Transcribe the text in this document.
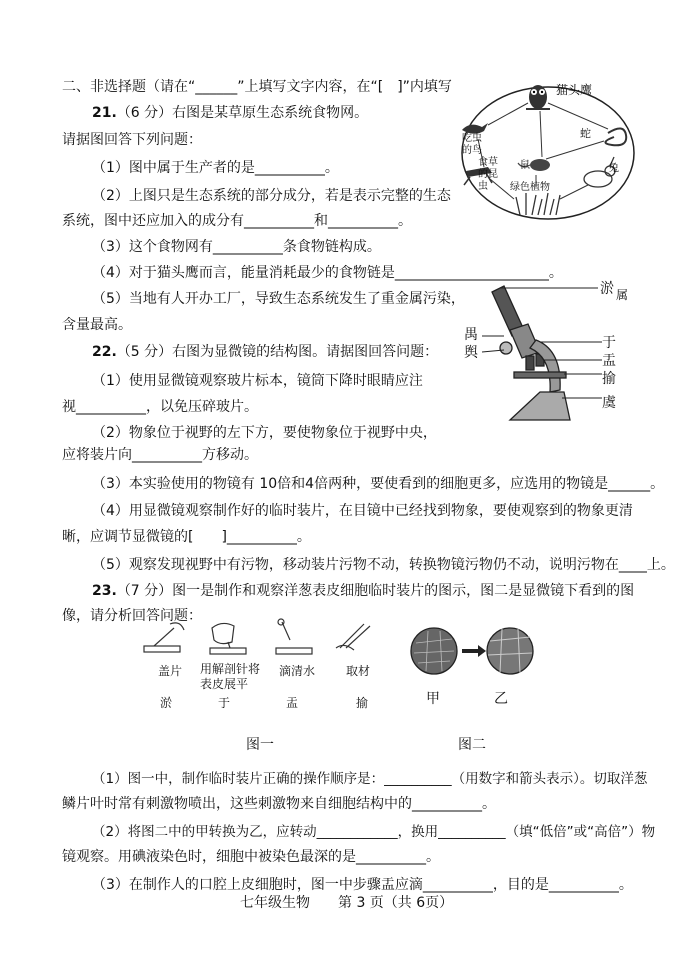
二、非选择题（请在“______”上填写文字内容，在“[　]”内填写
21.（6 分）右图是某草原生态系统食物网。
请据图回答下列问题：
（1）图中属于生产者的是__________。
（2）上图只是生态系统的部分成分，若是表示完整的生态
系统，图中还应加入的成分有__________和__________。
（3）这个食物网有__________条食物链构成。
（4）对于猫头鹰而言，能量消耗最少的食物链是______________________。
（5）当地有人开办工厂，导致生态系统发生了重金属污染，
含量最高。
猫头鹰
吃虫的鸟
蛇
食草的昆虫
鼠	兔
绿色植物
22.（5 分）右图为显微镜的结构图。请据图回答问题：
（1）使用显微镜观察玻片标本，镜筒下降时眼睛应注
视__________，以免压碎玻片。
（2）物象位于视野的左下方，要使物象位于视野中央，
应将装片向__________方移动。
（3）本实验使用的物镜有 10倍和4倍两种，要使看到的细胞更多，应选用的物镜是______。
（4）用显微镜观察制作好的临时装片，在目镜中已经找到物象，要使观察到的物象更清
晰，应调节显微镜的[　　]__________。
（5）观察发现视野中有污物，移动装片污物不动，转换物镜污物仍不动，说明污物在____上。
淤 属
禺
舆
于
盂
揄
虞
23.（7 分）图一是制作和观察洋葱表皮细胞临时装片的图示，图二是显微镜下看到的图
像，请分析回答问题：
盖片 用解剖针将表皮展平
滴清水	取材
淤	于	盂	揄	甲	乙
图一	图二
（1）图一中，制作临时装片正确的操作顺序是：__________（用数字和箭头表示）。切取洋葱
鳞片叶时常有刺激物喷出，这些刺激物来自细胞结构中的__________。
（2）将图二中的甲转换为乙，应转动____________，换用__________（填“低倍”或“高倍”）物
镜观察。用碘液染色时，细胞中被染色最深的是__________。
（3）在制作人的口腔上皮细胞时，图一中步骤盂应滴__________，目的是__________。
七年级生物　　第 3 页（共 6页）
